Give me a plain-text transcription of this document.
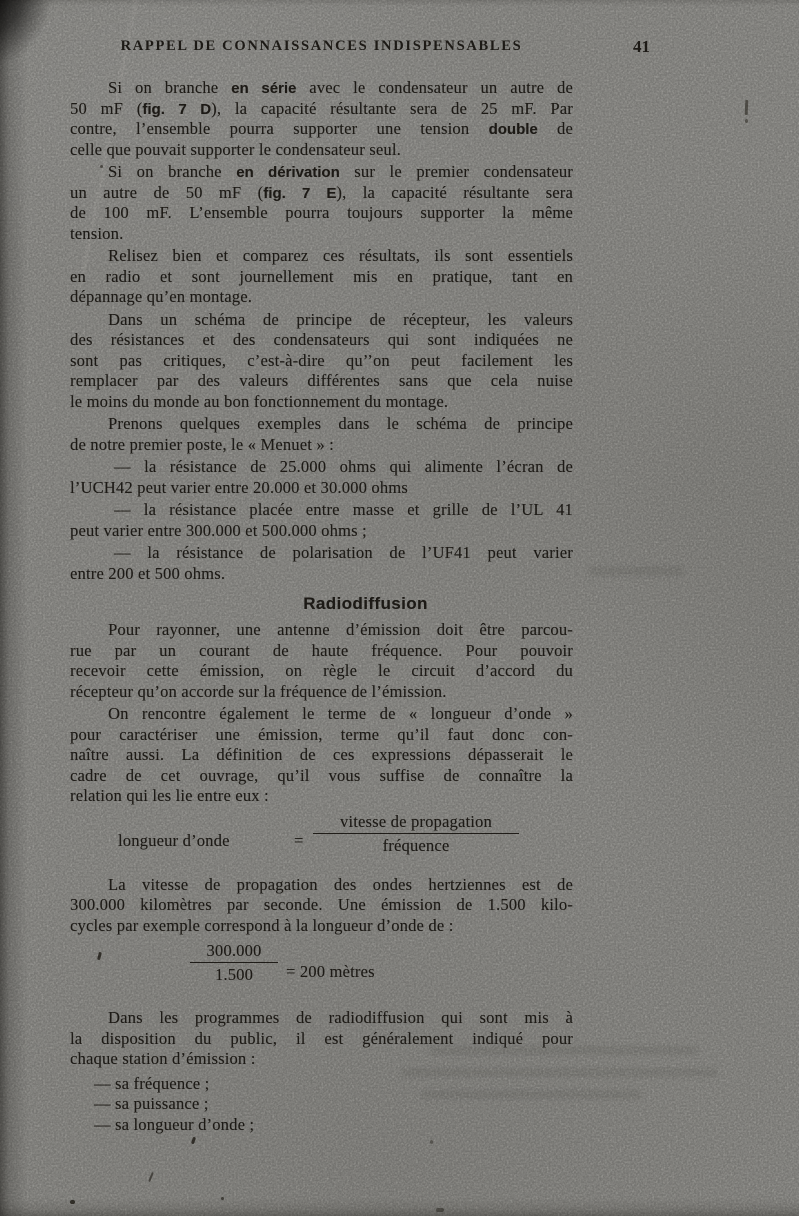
RAPPEL DE CONNAISSANCES INDISPENSABLES	41
Si on branche en série avec le condensateur un autre de
50 mF (fig. 7 D), la capacité résultante sera de 25 mF. Par
contre, l’ensemble pourra supporter une tension double de
celle que pouvait supporter le condensateur seul.
Si on branche en dérivation sur le premier condensateur
un autre de 50 mF (fig. 7 E), la capacité résultante sera
de 100 mF. L’ensemble pourra toujours supporter la même
tension.
Relisez bien et comparez ces résultats, ils sont essentiels
en radio et sont journellement mis en pratique, tant en
dépannage qu’en montage.
Dans un schéma de principe de récepteur, les valeurs
des résistances et des condensateurs qui sont indiquées ne
sont pas critiques, c’est-à-dire qu’’on peut facilement les
remplacer par des valeurs différentes sans que cela nuise
le moins du monde au bon fonctionnement du montage.
Prenons quelques exemples dans le schéma de principe
de notre premier poste, le « Menuet » :
— la résistance de 25.000 ohms qui alimente l’écran de
l’UCH42 peut varier entre 20.000 et 30.000 ohms
— la résistance placée entre masse et grille de l’UL 41
peut varier entre 300.000 et 500.000 ohms ;
— la résistance de polarisation de l’UF41 peut varier
entre 200 et 500 ohms.
Radiodiffusion
Pour rayonner, une antenne d’émission doit être parcou-
rue par un courant de haute fréquence. Pour pouvoir
recevoir cette émission, on règle le circuit d’accord du
récepteur qu’on accorde sur la fréquence de l’émission.
On rencontre également le terme de « longueur d’onde »
pour caractériser une émission, terme qu’il faut donc con-
naître aussi. La définition de ces expressions dépasserait le
cadre de cet ouvrage, qu’il vous suffise de connaître la
relation qui les lie entre eux :
longueur d’onde	=
vitesse de propagation
fréquence
La vitesse de propagation des ondes hertziennes est de
300.000 kilomètres par seconde. Une émission de 1.500 kilo-
cycles par exemple correspond à la longueur d’onde de :
300.000
1.500	= 200 mètres
Dans les programmes de radiodiffusion qui sont mis à
la disposition du public, il est généralement indiqué pour
chaque station d’émission :
— sa fréquence ;
— sa puissance ;
— sa longueur d’onde ;
